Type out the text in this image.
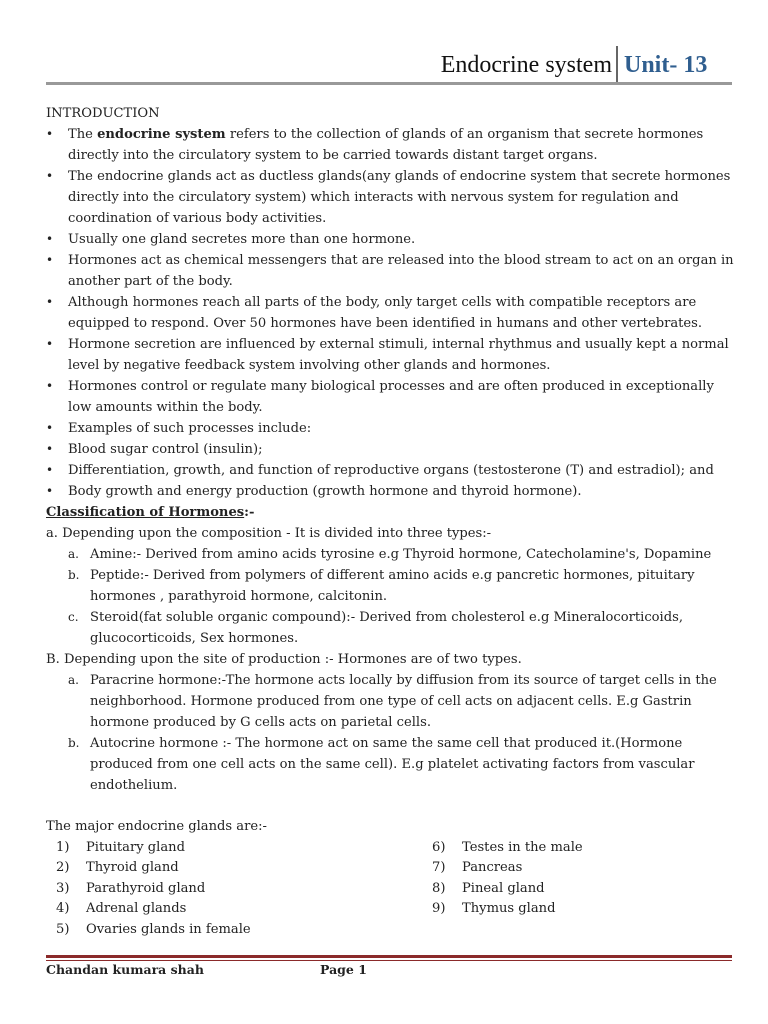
Endocrine system Unit- 13

INTRODUCTION

• The endocrine system refers to the collection of glands of an organism that secrete hormones directly into the circulatory system to be carried towards distant target organs.
• The endocrine glands act as ductless glands(any glands of endocrine system that secrete hormones directly into the circulatory system) which interacts with nervous system for regulation and coordination of various body activities.
• Usually one gland secretes more than one hormone.
• Hormones act as chemical messengers that are released into the blood stream to act on an organ in another part of the body.
• Although hormones reach all parts of the body, only target cells with compatible receptors are equipped to respond. Over 50 hormones have been identified in humans and other vertebrates.
• Hormone secretion are influenced by external stimuli, internal rhythmus and usually kept a normal level by negative feedback system involving other glands and hormones.
• Hormones control or regulate many biological processes and are often produced in exceptionally low amounts within the body.
• Examples of such processes include:
• Blood sugar control (insulin);
• Differentiation, growth, and function of reproductive organs (testosterone (T) and estradiol); and
• Body growth and energy production (growth hormone and thyroid hormone).

Classification of Hormones:-

a. Depending upon the composition - It is divided into three types:-

a. Amine:- Derived from amino acids tyrosine e.g Thyroid hormone, Catecholamine's, Dopamine
b. Peptide:- Derived from polymers of different amino acids e.g pancretic hormones, pituitary hormones , parathyroid hormone, calcitonin.
c. Steroid(fat soluble organic compound):- Derived from cholesterol e.g Mineralocorticoids, glucocorticoids, Sex hormones.

B. Depending upon the site of production :- Hormones are of two types.

a. Paracrine hormone:-The hormone acts locally by diffusion from its source of target cells in the neighborhood. Hormone produced from one type of cell acts on adjacent cells. E.g Gastrin hormone produced by G cells acts on parietal cells.
b. Autocrine hormone :- The hormone act on same the same cell that produced it.(Hormone produced from one cell acts on the same cell). E.g platelet activating factors from vascular endothelium.

The major endocrine glands are:-

1) Pituitary gland
2) Thyroid gland
3) Parathyroid gland
4) Adrenal glands
5) Ovaries glands in female
6) Testes in the male
7) Pancreas
8) Pineal gland
9) Thymus gland
Chandan kumara shah	Page 1
